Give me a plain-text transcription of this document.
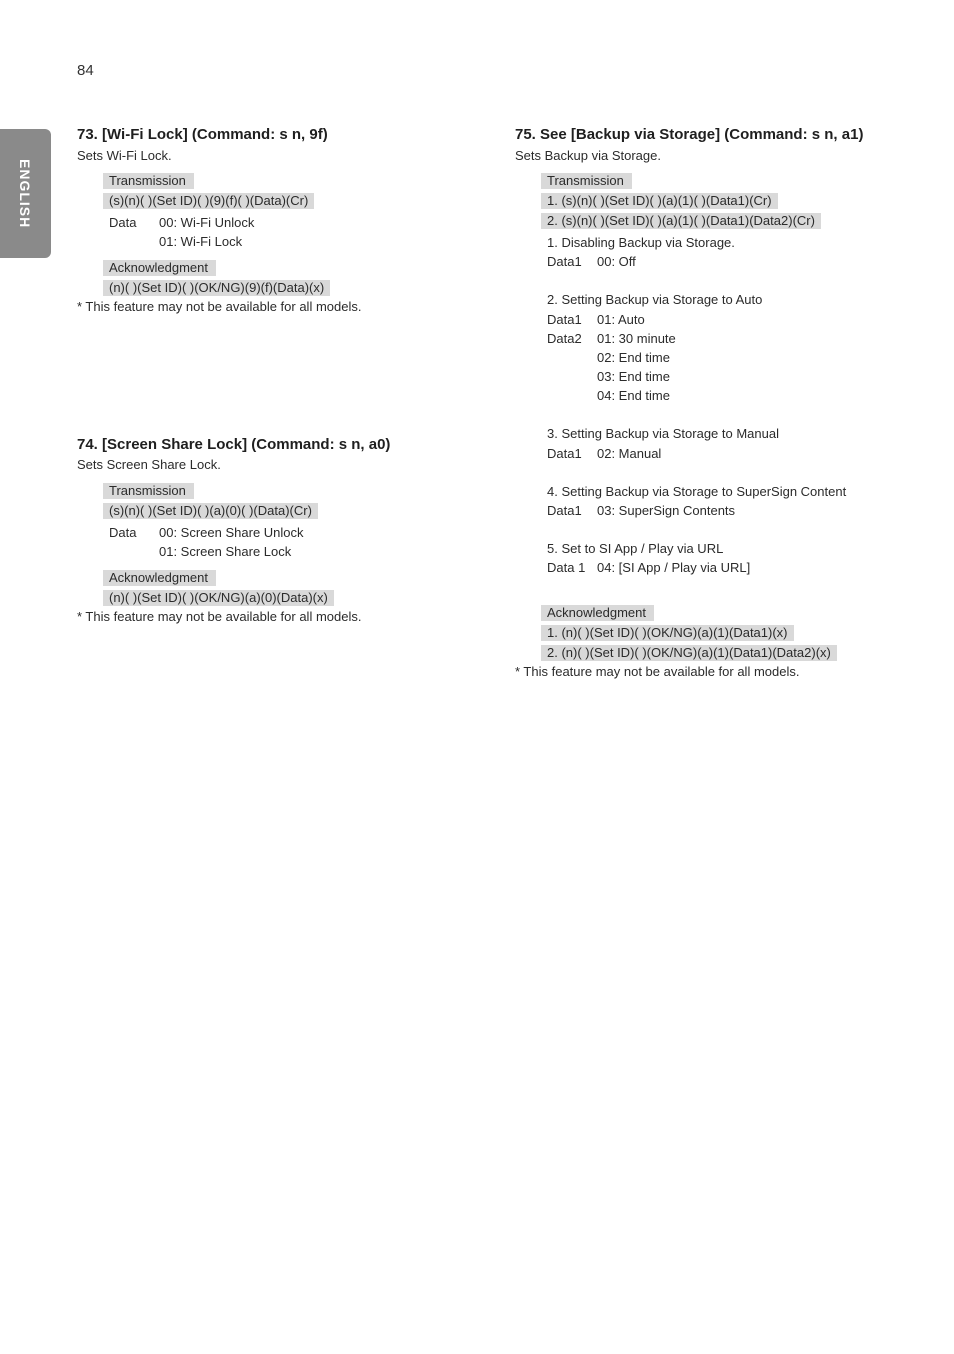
84
ENGLISH
73. [Wi-Fi Lock] (Command: s n, 9f)
Sets Wi-Fi Lock.
Transmission
(s)(n)( )(Set ID)( )(9)(f)( )(Data)(Cr)
Data 00: Wi-Fi Unlock
01: Wi-Fi Lock
Acknowledgment
(n)( )(Set ID)( )(OK/NG)(9)(f)(Data)(x)
* This feature may not be available for all models.
74. [Screen Share Lock] (Command: s n, a0)
Sets Screen Share Lock.
Transmission
(s)(n)( )(Set ID)( )(a)(0)( )(Data)(Cr)
Data 00: Screen Share Unlock
01: Screen Share Lock
Acknowledgment
(n)( )(Set ID)( )(OK/NG)(a)(0)(Data)(x)
* This feature may not be available for all models.
75. See [Backup via Storage] (Command: s n, a1)
Sets Backup via Storage.
Transmission
1. (s)(n)( )(Set ID)( )(a)(1)( )(Data1)(Cr)
2. (s)(n)( )(Set ID)( )(a)(1)( )(Data1)(Data2)(Cr)
1. Disabling Backup via Storage.
Data1 00: Off
2. Setting Backup via Storage to Auto
Data1 01: Auto
Data2 01: 30 minute
02: End time
03: End time
04: End time
3. Setting Backup via Storage to Manual
Data1 02: Manual
4. Setting Backup via Storage to SuperSign Content
Data1 03: SuperSign Contents
5. Set to SI App / Play via URL
Data 1 04: [SI App / Play via URL]
Acknowledgment
1. (n)( )(Set ID)( )(OK/NG)(a)(1)(Data1)(x)
2. (n)( )(Set ID)( )(OK/NG)(a)(1)(Data1)(Data2)(x)
* This feature may not be available for all models.
